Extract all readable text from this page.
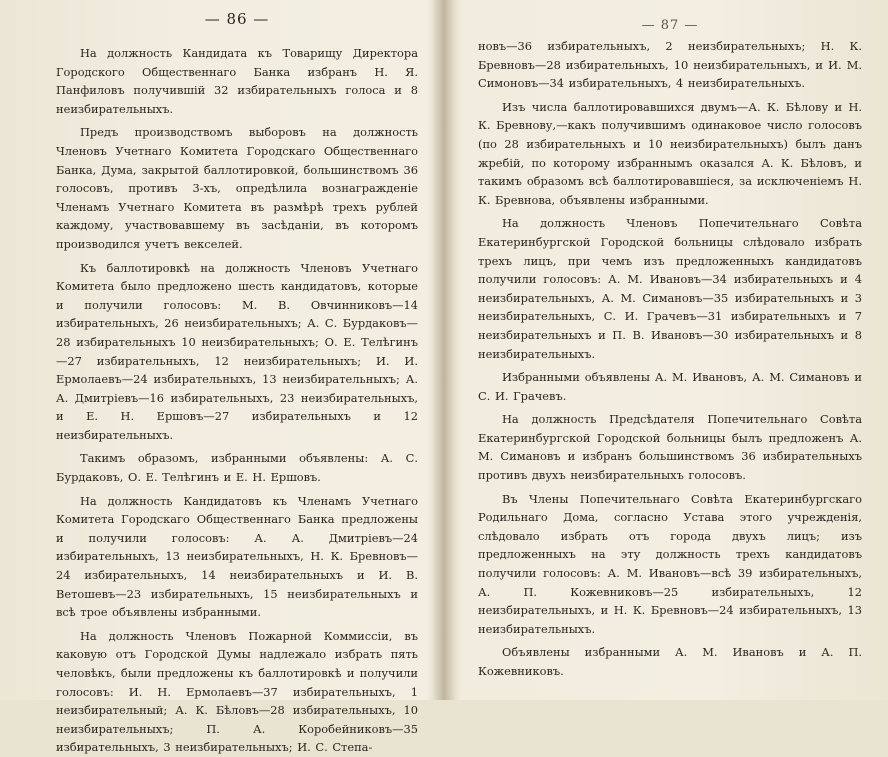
— 86 —

На должность Кандидата къ Товарищу Директора Городского Общественнаго Банка избранъ Н. Я. Панфиловъ получившій 32 избирательныхъ голоса и 8 неизбирательныхъ.

Предъ производствомъ выборовъ на должность Членовъ Учетнаго Комитета Городскаго Общественнаго Банка, Дума, закрытой баллотировкой, большинствомъ 36 голосовъ, противъ 3-хъ, опредѣлила вознагражденіе Членамъ Учетнаго Комитета въ размѣрѣ трехъ рублей каждому, участвовавшему въ засѣданіи, въ которомъ производился учетъ векселей.

Къ баллотировкѣ на должность Членовъ Учетнаго Комитета было предложено шесть кандидатовъ, которые и получили голосовъ: М. В. Овчинниковъ—14 избирательныхъ, 26 неизбирательныхъ; А. С. Бурдаковъ—28 избирательныхъ 10 неизбирательныхъ; О. Е. Телѣгинъ—27 избирательныхъ, 12 неизбирательныхъ; И. И. Ермолаевъ—24 избирательныхъ, 13 неизбирательныхъ; А. А. Дмитріевъ—16 избирательныхъ, 23 неизбирательныхъ, и Е. Н. Ершовъ—27 избирательныхъ и 12 неизбирательныхъ.

Такимъ образомъ, избранными объявлены: А. С. Бурдаковъ, О. Е. Телѣгинъ и Е. Н. Ершовъ.

На должность Кандидатовъ къ Членамъ Учетнаго Комитета Городскаго Общественнаго Банка предложены и получили голосовъ: А. А. Дмитріевъ—24 избирательныхъ, 13 неизбирательныхъ, Н. К. Бревновъ—24 избирательныхъ, 14 неизбирательныхъ и И. В. Ветошевъ—23 избирательныхъ, 15 неизбирательныхъ и всѣ трое объявлены избранными.

На должность Членовъ Пожарной Коммиссіи, въ каковую отъ Городской Думы надлежало избрать пять человѣкъ, были предложены къ баллотировкѣ и получили голосовъ: И. Н. Ермолаевъ—37 избирательныхъ, 1 неизбирательный; А. К. Бѣловъ—28 избирательныхъ, 10 неизбирательныхъ; П. А. Коробейниковъ—35 избирательныхъ, 3 неизбирательныхъ; И. С. Степа-

— 87 —

новъ—36 избирательныхъ, 2 неизбирательныхъ; Н. К. Бревновъ—28 избирательныхъ, 10 неизбирательныхъ, и И. М. Симоновъ—34 избирательныхъ, 4 неизбирательныхъ.

Изъ числа баллотировавшихся двумъ—А. К. Бѣлову и Н. К. Бревнову,—какъ получившимъ одинаковое число голосовъ (по 28 избирательныхъ и 10 неизбирательныхъ) былъ данъ жребій, по которому избраннымъ оказался А. К. Бѣловъ, и такимъ образомъ всѣ баллотировавшіеся, за исключеніемъ Н. К. Бревнова, объявлены избранными.

На должность Членовъ Попечительнаго Совѣта Екатеринбургской Городской больницы слѣдовало избрать трехъ лицъ, при чемъ изъ предложенныхъ кандидатовъ получили голосовъ: А. М. Ивановъ—34 избирательныхъ и 4 неизбирательныхъ, А. М. Симановъ—35 избирательныхъ и 3 неизбирательныхъ, С. И. Грачевъ—31 избирательныхъ и 7 неизбирательныхъ и П. В. Ивановъ—30 избирательныхъ и 8 неизбирательныхъ.

Избранными объявлены А. М. Ивановъ, А. М. Симановъ и С. И. Грачевъ.

На должность Предсѣдателя Попечительнаго Совѣта Екатеринбургской Городской больницы былъ предложенъ А. М. Симановъ и избранъ большинствомъ 36 избирательныхъ противъ двухъ неизбирательныхъ голосовъ.

Въ Члены Попечительнаго Совѣта Екатеринбургскаго Родильнаго Дома, согласно Устава этого учрежденія, слѣдовало избрать отъ города двухъ лицъ; изъ предложенныхъ на эту должность трехъ кандидатовъ получили голосовъ: А. М. Ивановъ—всѣ 39 избирательныхъ, А. П. Кожевниковъ—25 избирательныхъ, 12 неизбирательныхъ, и Н. К. Бревновъ—24 избирательныхъ, 13 неизбирательныхъ.

Объявлены избранными А. М. Ивановъ и А. П. Кожевниковъ.
